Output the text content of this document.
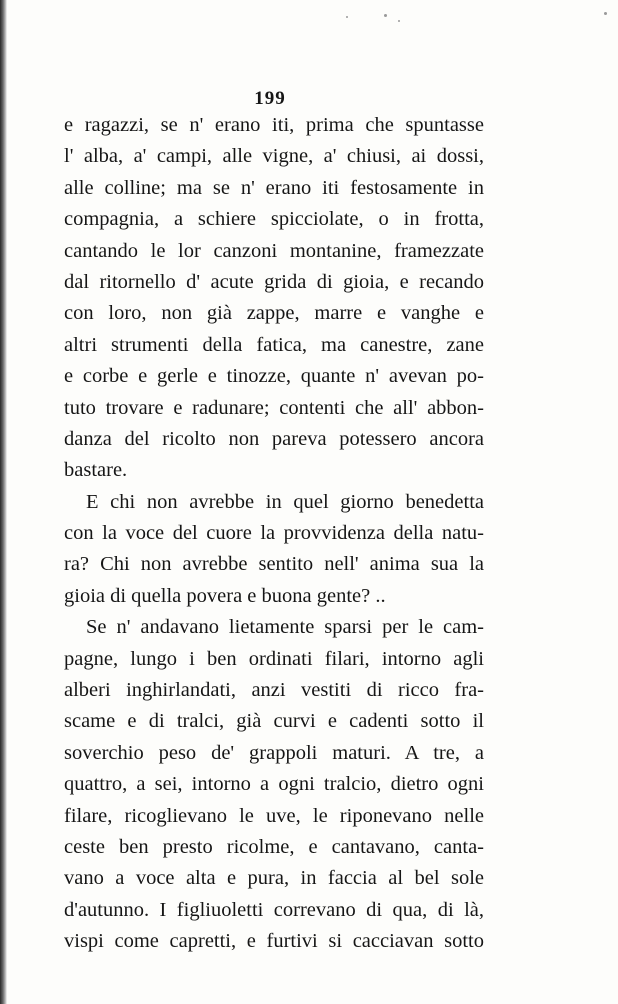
199
e ragazzi, se n' erano iti, prima che spuntasse
l' alba, a' campi, alle vigne, a' chiusi, ai dossi,
alle colline; ma se n' erano iti festosamente in
compagnia, a schiere spicciolate, o in frotta,
cantando le lor canzoni montanine, framezzate
dal ritornello d' acute grida di gioia, e recando
con loro, non già zappe, marre e vanghe e
altri strumenti della fatica, ma canestre, zane
e corbe e gerle e tinozze, quante n' avevan po-
tuto trovare e radunare; contenti che all' abbon-
danza del ricolto non pareva potessero ancora
bastare.
E chi non avrebbe in quel giorno benedetta
con la voce del cuore la provvidenza della natu-
ra? Chi non avrebbe sentito nell' anima sua la
gioia di quella povera e buona gente? ..
Se n' andavano lietamente sparsi per le cam-
pagne, lungo i ben ordinati filari, intorno agli
alberi inghirlandati, anzi vestiti di ricco fra-
scame e di tralci, già curvi e cadenti sotto il
soverchio peso de' grappoli maturi. A tre, a
quattro, a sei, intorno a ogni tralcio, dietro ogni
filare, ricoglievano le uve, le riponevano nelle
ceste ben presto ricolme, e cantavano, canta-
vano a voce alta e pura, in faccia al bel sole
d'autunno. I figliuoletti correvano di qua, di là,
vispi come capretti, e furtivi si cacciavan sotto
